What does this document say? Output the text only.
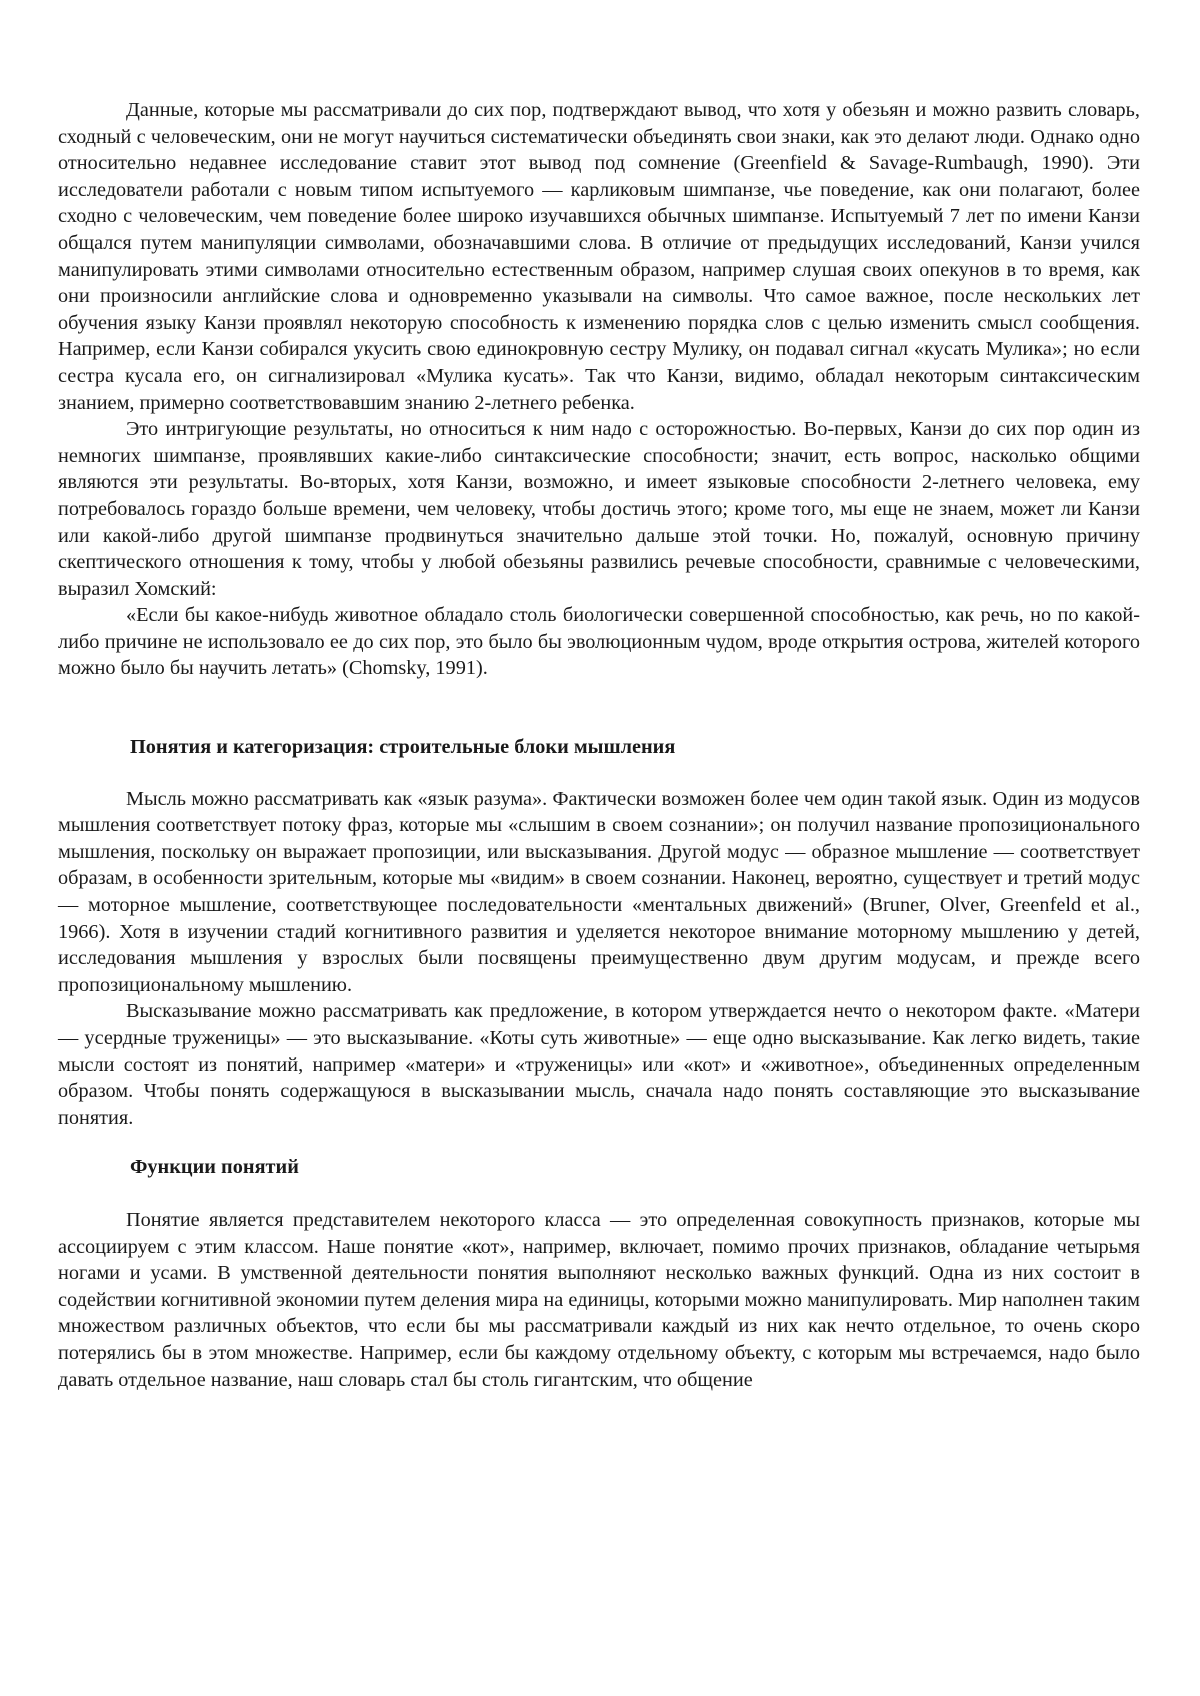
Данные, которые мы рассматривали до сих пор, подтверждают вывод, что хотя у обезьян и можно развить словарь, сходный с человеческим, они не могут научиться систематически объединять свои знаки, как это делают люди. Однако одно относительно недавнее исследование ставит этот вывод под сомнение (Greenfield & Savage-Rumbaugh, 1990). Эти исследователи работали с новым типом испытуемого — карликовым шимпанзе, чье поведение, как они полагают, более сходно с человеческим, чем поведение более широко изучавшихся обычных шимпанзе. Испытуемый 7 лет по имени Канзи общался путем манипуляции символами, обозначавшими слова. В отличие от предыдущих исследований, Канзи учился манипулировать этими символами относительно естественным образом, например слушая своих опекунов в то время, как они произносили английские слова и одновременно указывали на символы. Что самое важное, после нескольких лет обучения языку Канзи проявлял некоторую способность к изменению порядка слов с целью изменить смысл сообщения. Например, если Канзи собирался укусить свою единокровную сестру Мулику, он подавал сигнал «кусать Мулика»; но если сестра кусала его, он сигнализировал «Мулика кусать». Так что Канзи, видимо, обладал некоторым синтаксическим знанием, примерно соответствовавшим знанию 2-летнего ребенка.

Это интригующие результаты, но относиться к ним надо с осторожностью. Во-первых, Канзи до сих пор один из немногих шимпанзе, проявлявших какие-либо синтаксические способности; значит, есть вопрос, насколько общими являются эти результаты. Во-вторых, хотя Канзи, возможно, и имеет языковые способности 2-летнего человека, ему потребовалось гораздо больше времени, чем человеку, чтобы достичь этого; кроме того, мы еще не знаем, может ли Канзи или какой-либо другой шимпанзе продвинуться значительно дальше этой точки. Но, пожалуй, основную причину скептического отношения к тому, чтобы у любой обезьяны развились речевые способности, сравнимые с человеческими, выразил Хомский:

«Если бы какое-нибудь животное обладало столь биологически совершенной способностью, как речь, но по какой-либо причине не использовало ее до сих пор, это было бы эволюционным чудом, вроде открытия острова, жителей которого можно было бы научить летать» (Chomsky, 1991).

Понятия и категоризация: строительные блоки мышления

Мысль можно рассматривать как «язык разума». Фактически возможен более чем один такой язык. Один из модусов мышления соответствует потоку фраз, которые мы «слышим в своем сознании»; он получил название пропозиционального мышления, поскольку он выражает пропозиции, или высказывания. Другой модус — образное мышление — соответствует образам, в особенности зрительным, которые мы «видим» в своем сознании. Наконец, вероятно, существует и третий модус — моторное мышление, соответствующее последовательности «ментальных движений» (Bruner, Olver, Greenfeld et al., 1966). Хотя в изучении стадий когнитивного развития и уделяется некоторое внимание моторному мышлению у детей, исследования мышления у взрослых были посвящены преимущественно двум другим модусам, и прежде всего пропозициональному мышлению.

Высказывание можно рассматривать как предложение, в котором утверждается нечто о некотором факте. «Матери — усердные труженицы» — это высказывание. «Коты суть животные» — еще одно высказывание. Как легко видеть, такие мысли состоят из понятий, например «матери» и «труженицы» или «кот» и «животное», объединенных определенным образом. Чтобы понять содержащуюся в высказывании мысль, сначала надо понять составляющие это высказывание понятия.

Функции понятий

Понятие является представителем некоторого класса — это определенная совокупность признаков, которые мы ассоциируем с этим классом. Наше понятие «кот», например, включает, помимо прочих признаков, обладание четырьмя ногами и усами. В умственной деятельности понятия выполняют несколько важных функций. Одна из них состоит в содействии когнитивной экономии путем деления мира на единицы, которыми можно манипулировать. Мир наполнен таким множеством различных объектов, что если бы мы рассматривали каждый из них как нечто отдельное, то очень скоро потерялись бы в этом множестве. Например, если бы каждому отдельному объекту, с которым мы встречаемся, надо было давать отдельное название, наш словарь стал бы столь гигантским, что общение
